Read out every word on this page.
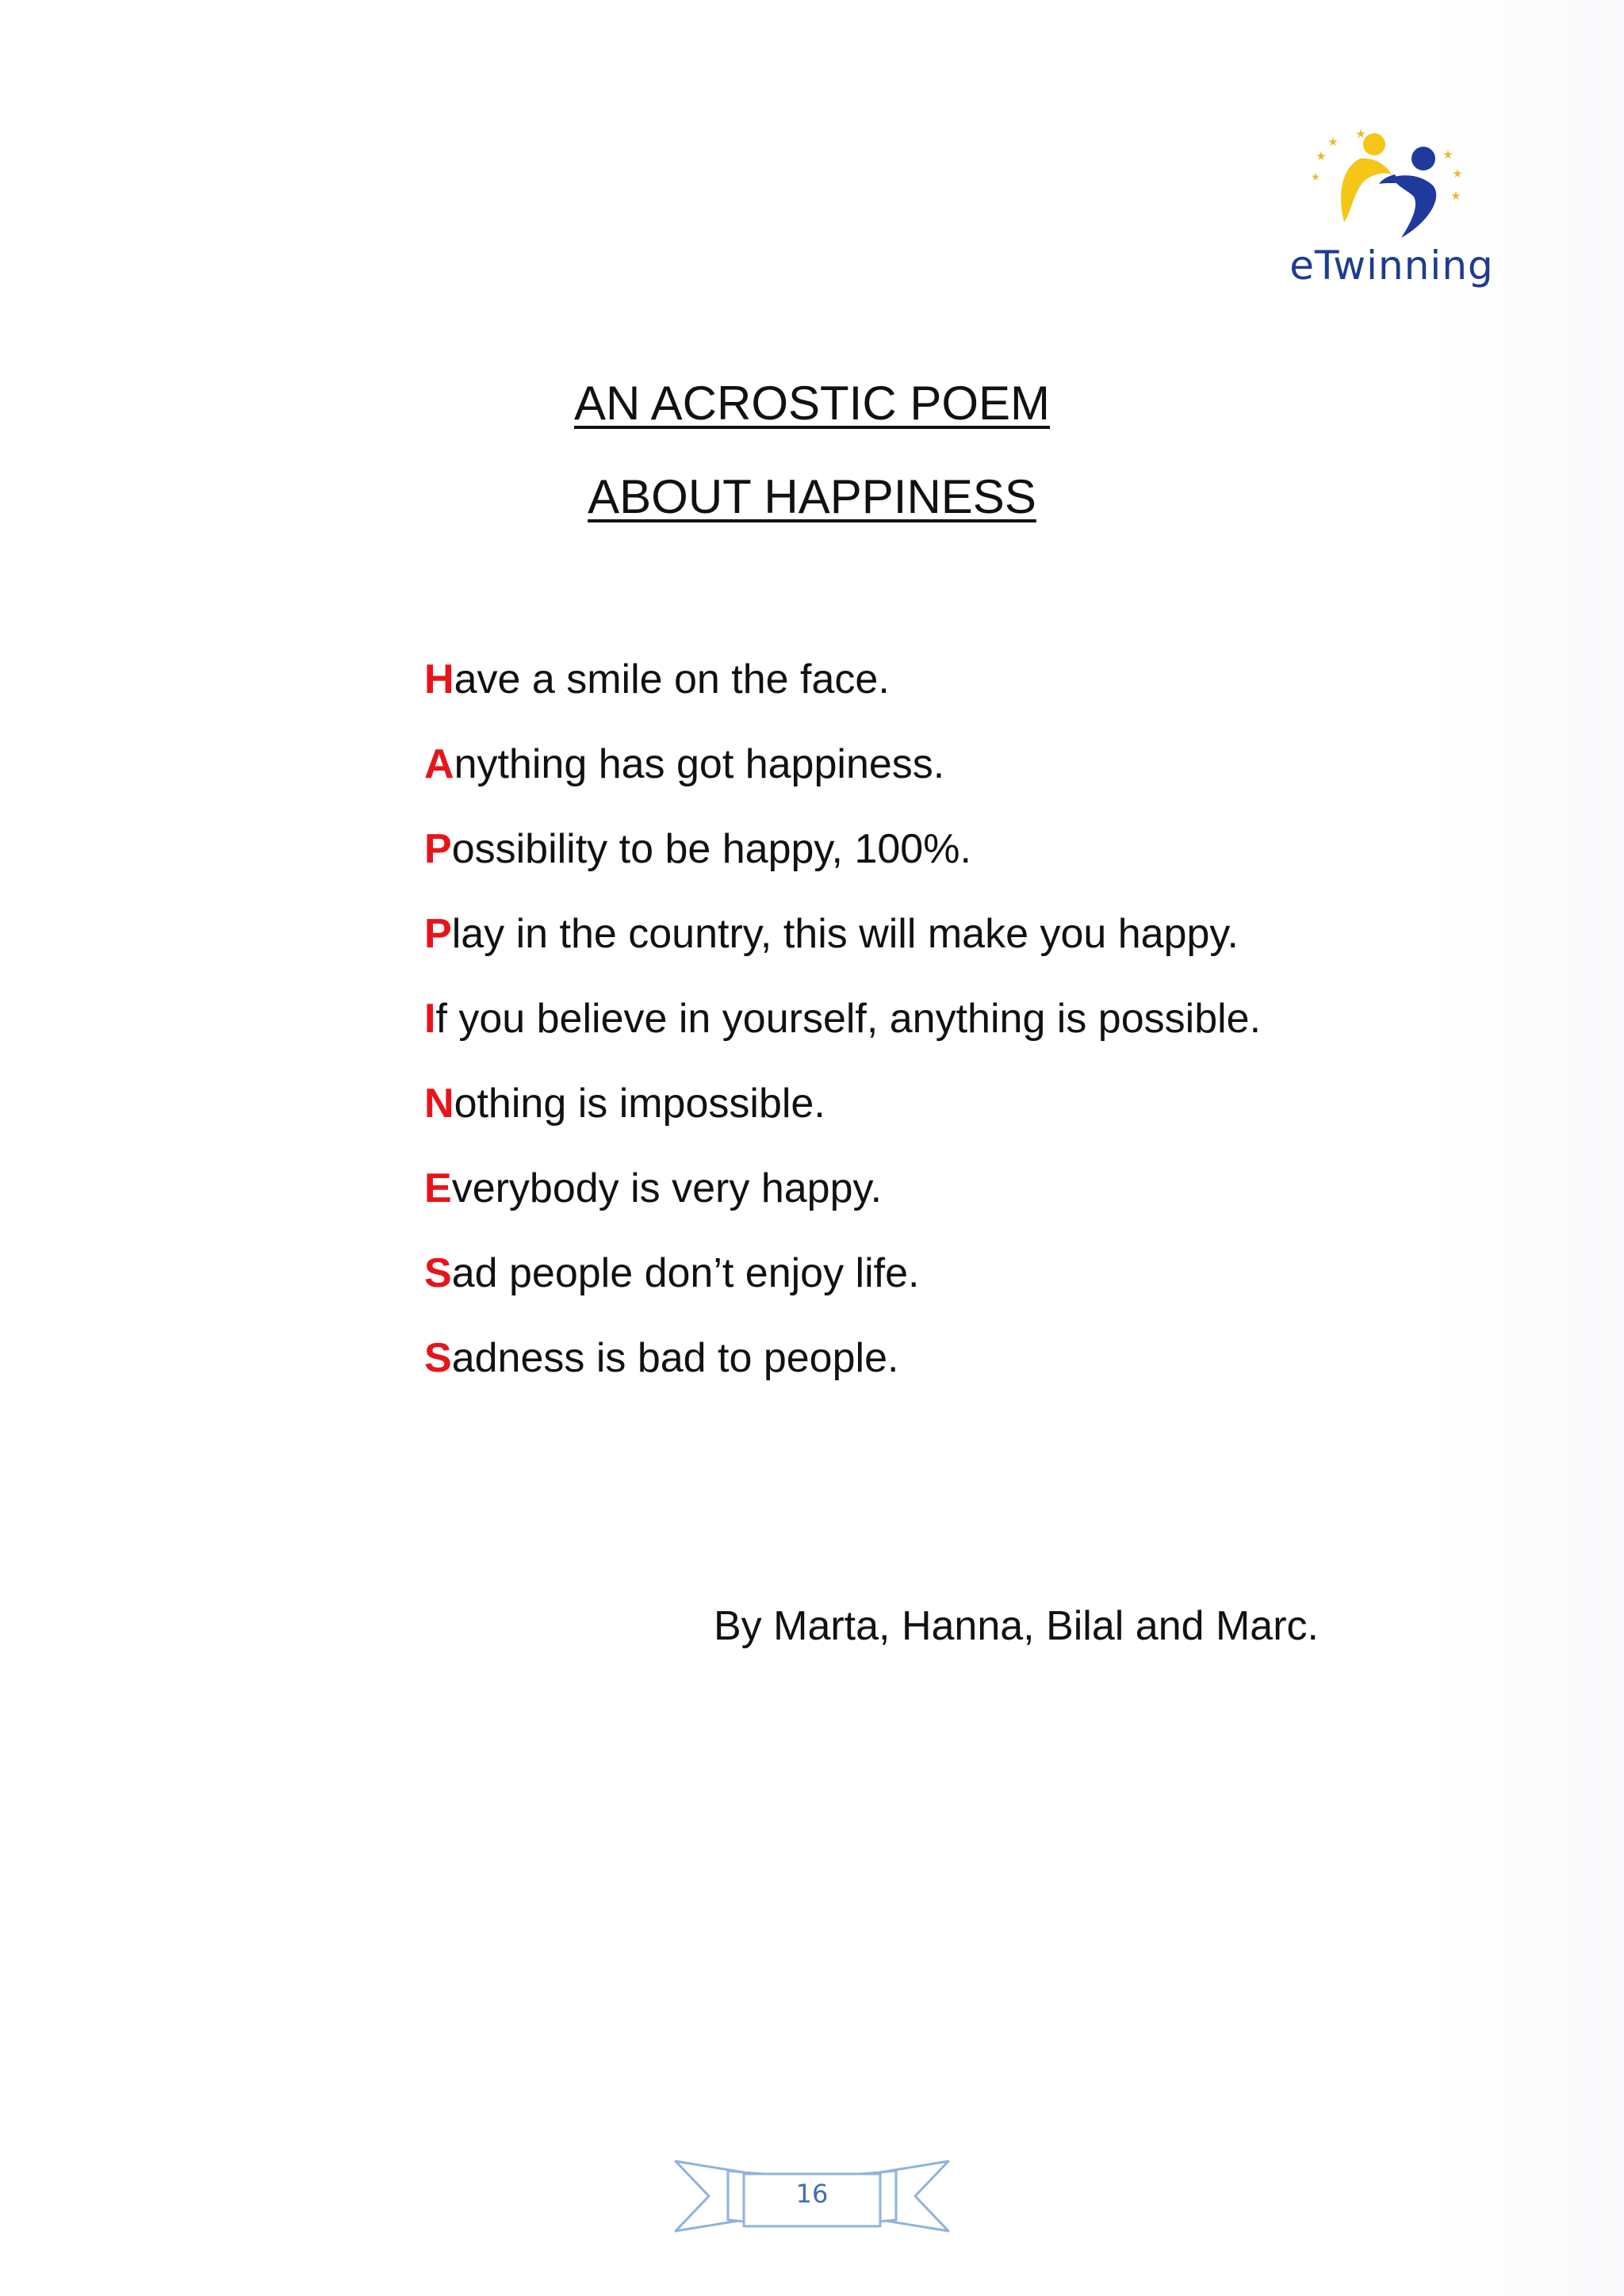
eTwinning
AN ACROSTIC POEM
ABOUT HAPPINESS
Have a smile on the face.
Anything has got happiness.
Possibility to be happy, 100%.
Play in the country, this will make you happy.
If you believe in yourself, anything is possible.
Nothing is impossible.
Everybody is very happy.
Sad people don’t enjoy life.
Sadness is bad to people.
By Marta, Hanna, Bilal and Marc.
16
